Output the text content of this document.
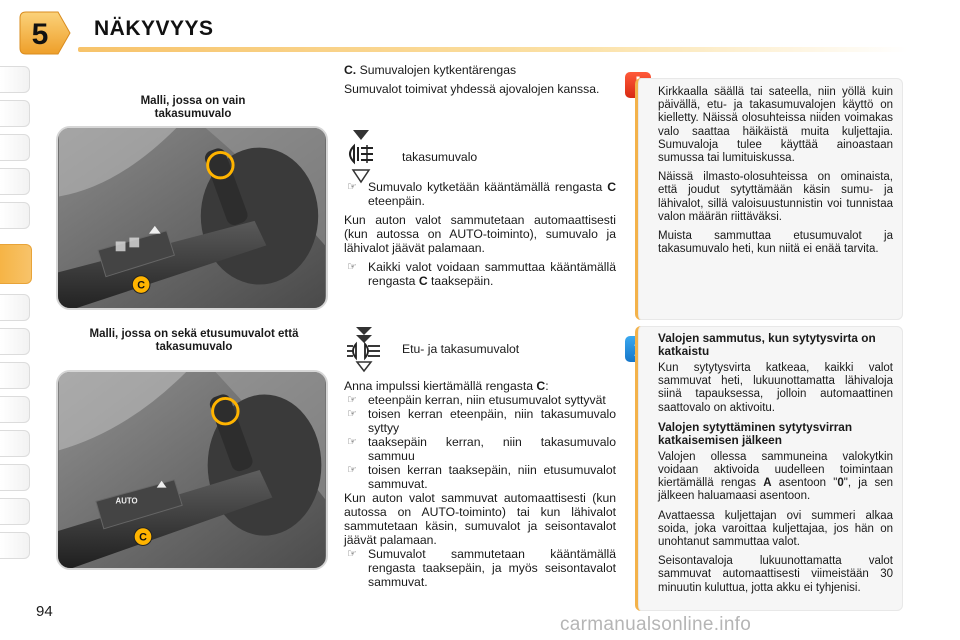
5 NÄKYVYYS
Malli, jossa on vain takasumuvalo
C
Malli, jossa on sekä etusumuvalot että takasumuvalo
AUTO
C

C. Sumuvalojen kytkentärengas

Sumuvalot toimivat yhdessä ajovalojen kanssa.

takasumuvalo

☞ Sumuvalo kytketään kääntämällä rengasta C eteenpäin.

Kun auton valot sammutetaan automaattisesti (kun autossa on AUTO-toiminto), sumuvalo ja lähivalot jäävät palamaan.

☞ Kaikki valot voidaan sammuttaa kääntämällä rengasta C taaksepäin.

Etu- ja takasumuvalot

Anna impulssi kiertämällä rengasta C:

☞ eteenpäin kerran, niin etusumuvalot syttyvät

☞ toisen kerran eteenpäin, niin takasumuvalo syttyy

☞ taaksepäin kerran, niin takasumuvalo sammuu

☞ toisen kerran taaksepäin, niin etusumuvalot sammuvat.

Kun auton valot sammuvat automaattisesti (kun autossa on AUTO-toiminto) tai kun lähivalot sammutetaan käsin, sumuvalot ja seisontavalot jäävät palamaan.

☞ Sumuvalot sammutetaan kääntämällä rengasta taaksepäin, ja myös seisontavalot sammuvat.

Kirkkaalla säällä tai sateella, niin yöllä kuin päivällä, etu- ja takasumuvalojen käyttö on kielletty. Näissä olosuhteissa niiden voimakas valo saattaa häikäistä muita kuljettajia. Sumuvaloja tulee käyttää ainoastaan sumussa tai lumituiskussa.

Näissä ilmasto-olosuhteissa on ominaista, että joudut sytyttämään käsin sumu- ja lähivalot, sillä valoisuustunnistin voi tunnistaa valon määrän riittäväksi.

Muista sammuttaa etusumuvalot ja takasumuvalo heti, kun niitä ei enää tarvita.

Valojen sammutus, kun sytytysvirta on katkaistu

Kun sytytysvirta katkeaa, kaikki valot sammuvat heti, lukuunottamatta lähivaloja siinä tapauksessa, jolloin automaattinen saattovalo on aktivoitu.

Valojen sytyttäminen sytytysvirran katkaisemisen jälkeen

Valojen ollessa sammuneina valokytkin voidaan aktivoida uudelleen toimintaan kiertämällä rengas A asentoon "0", ja sen jälkeen haluamaasi asentoon.

Avattaessa kuljettajan ovi summeri alkaa soida, joka varoittaa kuljettajaa, jos hän on unohtanut sammuttaa valot.

Seisontavaloja lukuunottamatta valot sammuvat automaattisesti viimeistään 30 minuutin kuluttua, jotta akku ei tyhjenisi.

94
carmanualsonline.info
